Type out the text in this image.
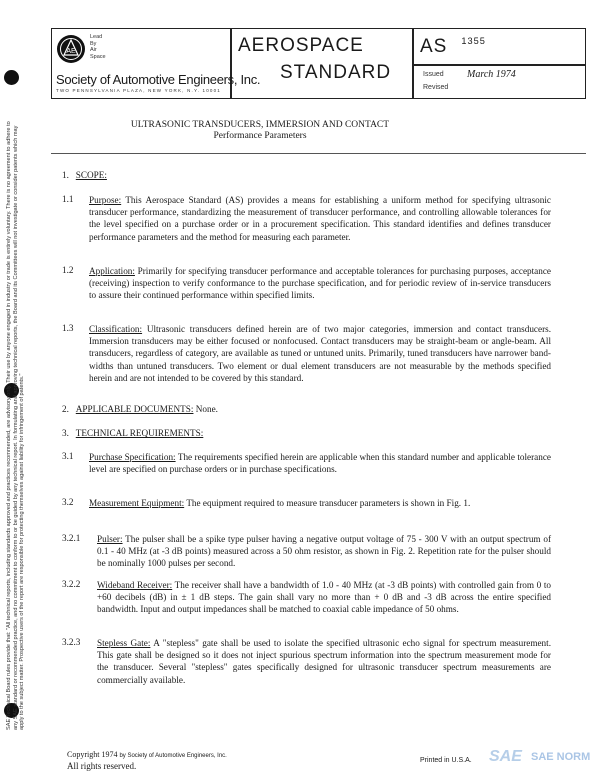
SAE Technical Board rules provide that: "All technical reports, including standards approved and practices recommended, are advisory only. Their use by anyone engaged in industry or trade is entirely voluntary. There is no agreement to adhere to any SAE standard or recommended practice, and no commitment to conform to or be guided by any technical report. In formulating and approving technical reports, the Board and its Committees will not investigate or consider patents which may apply to the subject matter. Prospective users of the report are responsible for protecting themselves against liability for infringement of patents."
AE
Lead
By
Air
Space
Society of Automotive Engineers, Inc.
TWO PENNSYLVANIA PLAZA, NEW YORK, N.Y. 10001
AEROSPACE
STANDARD
AS 1355
Issued March 1974
Revised
ULTRASONIC TRANSDUCERS, IMMERSION AND CONTACT
Performance Parameters
1. SCOPE:
1.1 Purpose: This Aerospace Standard (AS) provides a means for establishing a uniform method for specifying ultrasonic transducer performance, standardizing the measurement of transducer performance, and controlling allowable tolerances for the level specified on a purchase order or in a procurement specification. This standard identifies and defines transducer performance parameters and the method for measuring each parameter.
1.2 Application: Primarily for specifying transducer performance and acceptable tolerances for purchasing purposes, acceptance (receiving) inspection to verify conformance to the purchase specification, and for periodic review of in-service transducers to assure their continued performance within specified limits.
1.3 Classification: Ultrasonic transducers defined herein are of two major categories, immersion and contact transducers. Immersion transducers may be either focused or nonfocused. Contact transducers may be straight-beam or angle-beam. All transducers, regardless of category, are available as tuned or untuned units. Primarily, tuned transducers have narrower band-widths than untuned transducers. Two element or dual element transducers are not measurable by the methods specified herein and are not intended to be covered by this standard.
2. APPLICABLE DOCUMENTS: None.
3. TECHNICAL REQUIREMENTS:
3.1 Purchase Specification: The requirements specified herein are applicable when this standard number and applicable tolerance level are specified on purchase orders or in purchase specifications.
3.2 Measurement Equipment: The equipment required to measure transducer parameters is shown in Fig. 1.
3.2.1 Pulser: The pulser shall be a spike type pulser having a negative output voltage of 75 - 300 V with an output spectrum of 0.1 - 40 MHz (at -3 dB points) measured across a 50 ohm resistor, as shown in Fig. 2. Repetition rate for the pulser should be nominally 1000 pulses per second.
3.2.2 Wideband Receiver: The receiver shall have a bandwidth of 1.0 - 40 MHz (at -3 dB points) with controlled gain from 0 to +60 decibels (dB) in ± 1 dB steps. The gain shall vary no more than + 0 dB and -3 dB across the entire specified bandwidth. Input and output impedances shall be matched to coaxial cable impedance of 50 ohms.
3.2.3 Stepless Gate: A "stepless" gate shall be used to isolate the specified ultrasonic echo signal for spectrum measurement. This gate shall be designed so it does not inject spurious spectrum information into the spectrum measurement mode for the transducer. Several "stepless" gates specifically designed for ultrasonic transducer spectrum measurements are commercially available.
Copyright 1974 by Society of Automotive Engineers, Inc.
All rights reserved.
Printed in U.S.A. SAE SAE NORM
